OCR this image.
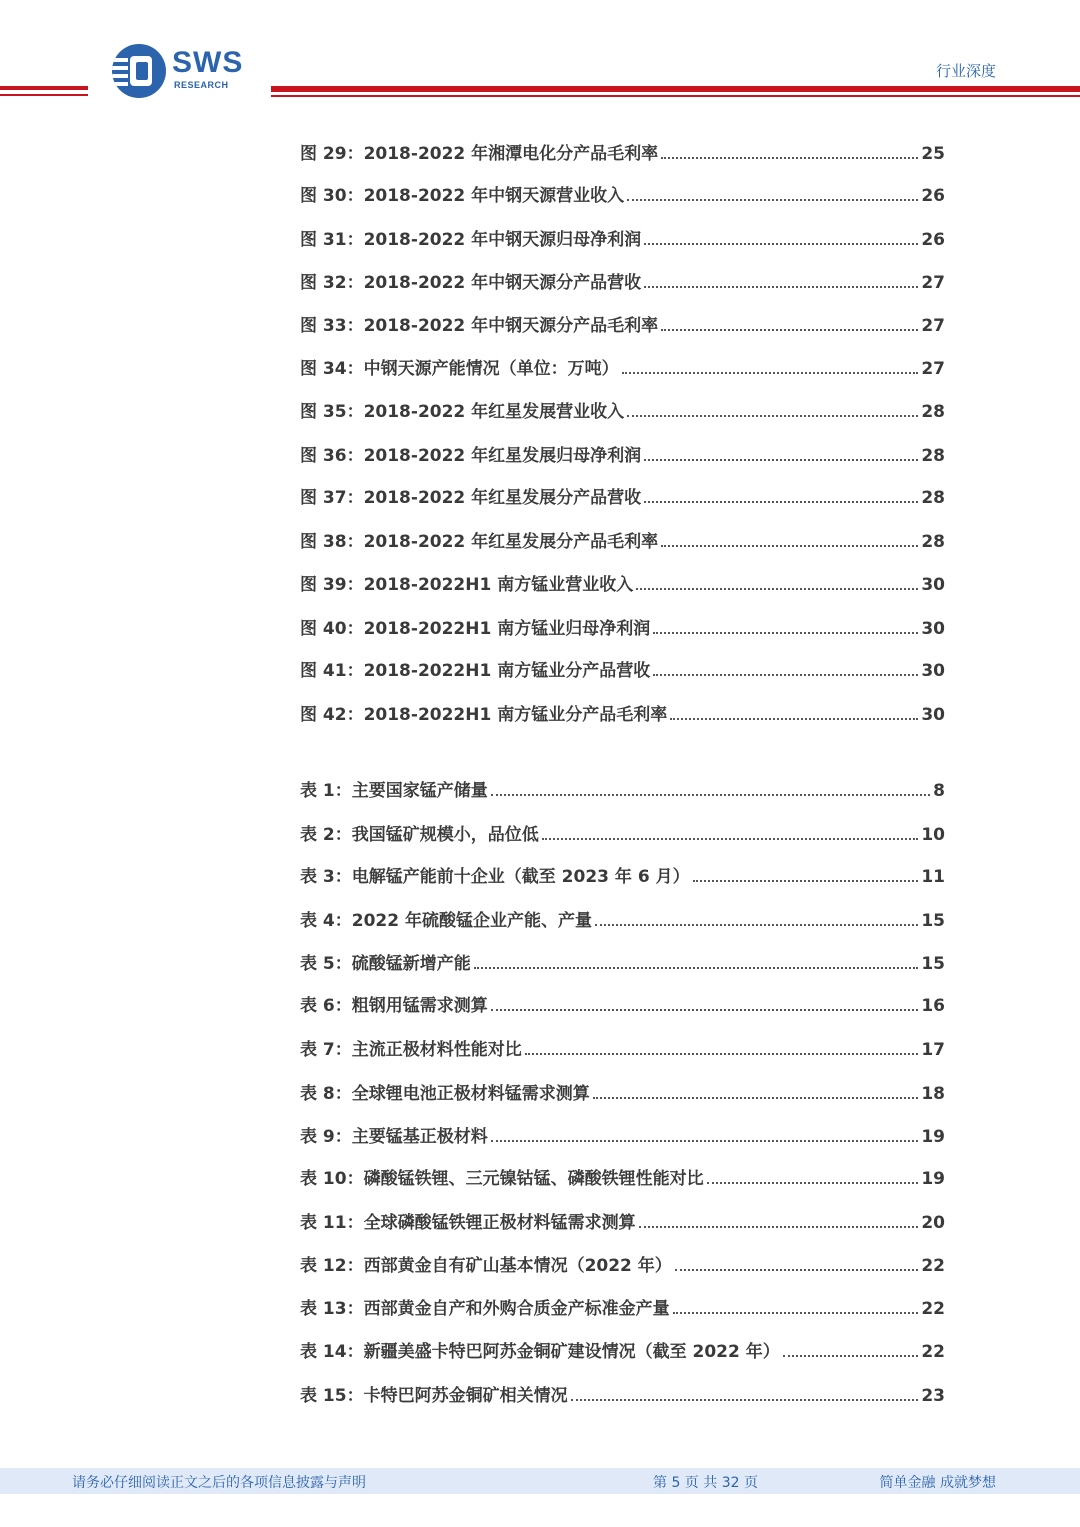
SWS
RESEARCH
行业深度
图 29：2018-2022 年湘潭电化分产品毛利率	25
图 30：2018-2022 年中钢天源营业收入	26
图 31：2018-2022 年中钢天源归母净利润	26
图 32：2018-2022 年中钢天源分产品营收	27
图 33：2018-2022 年中钢天源分产品毛利率	27
图 34：中钢天源产能情况（单位：万吨）	27
图 35：2018-2022 年红星发展营业收入	28
图 36：2018-2022 年红星发展归母净利润	28
图 37：2018-2022 年红星发展分产品营收	28
图 38：2018-2022 年红星发展分产品毛利率	28
图 39：2018-2022H1 南方锰业营业收入	30
图 40：2018-2022H1 南方锰业归母净利润	30
图 41：2018-2022H1 南方锰业分产品营收	30
图 42：2018-2022H1 南方锰业分产品毛利率	30
表 1：主要国家锰产储量	8
表 2：我国锰矿规模小，品位低	10
表 3：电解锰产能前十企业（截至 2023 年 6 月）	11
表 4：2022 年硫酸锰企业产能、产量	15
表 5：硫酸锰新增产能	15
表 6：粗钢用锰需求测算	16
表 7：主流正极材料性能对比	17
表 8：全球锂电池正极材料锰需求测算	18
表 9：主要锰基正极材料	19
表 10：磷酸锰铁锂、三元镍钴锰、磷酸铁锂性能对比	19
表 11：全球磷酸锰铁锂正极材料锰需求测算	20
表 12：西部黄金自有矿山基本情况（2022 年）	22
表 13：西部黄金自产和外购合质金产标准金产量	22
表 14：新疆美盛卡特巴阿苏金铜矿建设情况（截至 2022 年）	22
表 15：卡特巴阿苏金铜矿相关情况	23
请务必仔细阅读正文之后的各项信息披露与声明	第 5 页 共 32 页	简单金融 成就梦想
